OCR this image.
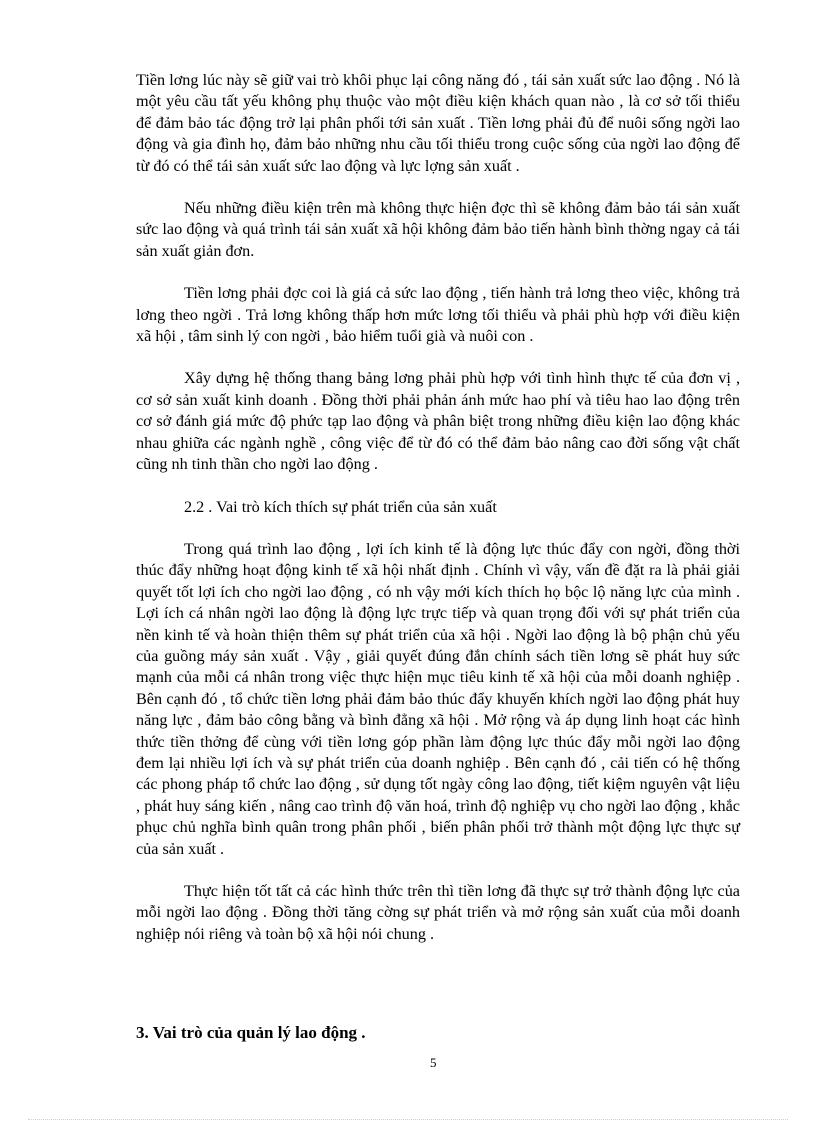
Tiền lơng lúc này sẽ giữ vai trò khôi phục lại công năng đó , tái sản xuất sức lao động . Nó là một yêu cầu tất yếu không phụ thuộc vào một điều kiện khách quan nào , là cơ sở tối thiểu để đảm bảo tác động trở lại phân phối tới sản xuất . Tiền lơng phải đủ để nuôi sống ngời lao động và gia đình họ, đảm bảo những nhu cầu tối thiểu trong cuộc sống của ngời lao động để từ đó có thể tái sản xuất sức lao động và lực lợng sản xuất .

Nếu những điều kiện trên mà không thực hiện đợc thì sẽ không đảm bảo tái sản xuất sức lao động và quá trình tái sản xuất xã hội không đảm bảo tiến hành bình thờng ngay cả tái sản xuất giản đơn.

Tiền lơng phải đợc coi là giá cả sức lao động , tiến hành trả lơng theo việc, không trả lơng theo ngời . Trả lơng không thấp hơn mức lơng tối thiểu và phải phù hợp với điều kiện xã hội , tâm sinh lý con ngời , bảo hiểm tuổi già và nuôi con .

Xây dựng hệ thống thang bảng lơng phải phù hợp với tình hình thực tế của đơn vị , cơ sở sản xuất kinh doanh . Đồng thời phải phản ánh mức hao phí và tiêu hao lao động trên cơ sở đánh giá mức độ phức tạp lao động và phân biệt trong những điều kiện lao động khác nhau ghiữa các ngành nghề , công việc để từ đó có thể đảm bảo nâng cao đời sống vật chất cũng nh tinh thần cho ngời lao động .

2.2 . Vai trò kích thích sự phát triển của sản xuất

Trong quá trình lao động , lợi ích kinh tế là động lực thúc đẩy con ngời, đồng thời thúc đẩy những hoạt động kinh tế xã hội nhất định . Chính vì vậy, vấn đề đặt ra là phải giải quyết tốt lợi ích cho ngời lao động , có nh vậy mới kích thích họ bộc lộ năng lực của mình . Lợi ích cá nhân ngời lao động là động lực trực tiếp và quan trọng đối với sự phát triển của nền kinh tế và hoàn thiện thêm sự phát triển của xã hội . Ngời lao động là bộ phận chủ yếu của guồng máy sản xuất . Vậy , giải quyết đúng đắn chính sách tiền lơng sẽ phát huy sức mạnh của mỗi cá nhân trong việc thực hiện mục tiêu kinh tế xã hội của mỗi doanh nghiệp . Bên cạnh đó , tổ chức tiền lơng phải đảm bảo thúc đẩy khuyến khích ngời lao động phát huy năng lực , đảm bảo công bằng và bình đẳng xã hội . Mở rộng và áp dụng linh hoạt các hình thức tiền thởng để cùng với tiền lơng góp phần làm động lực thúc đẩy mỗi ngời lao động đem lại nhiều lợi ích và sự phát triển của doanh nghiệp . Bên cạnh đó , cải tiến có hệ thống các phong pháp tổ chức lao động , sử dụng tốt ngày công lao động, tiết kiệm nguyên vật liệu , phát huy sáng kiến , nâng cao trình độ văn hoá, trình độ nghiệp vụ cho ngời lao động , khắc phục chủ nghĩa bình quân trong phân phối , biến phân phối trở thành một động lực thực sự của sản xuất .

Thực hiện tốt tất cả các hình thức trên thì tiền lơng đã thực sự trở thành động lực của mỗi ngời lao động . Đồng thời tăng cờng sự phát triển và mở rộng sản xuất của mỗi doanh nghiệp nói riêng và toàn bộ xã hội nói chung .

3. Vai trò của quản lý lao động .

5
